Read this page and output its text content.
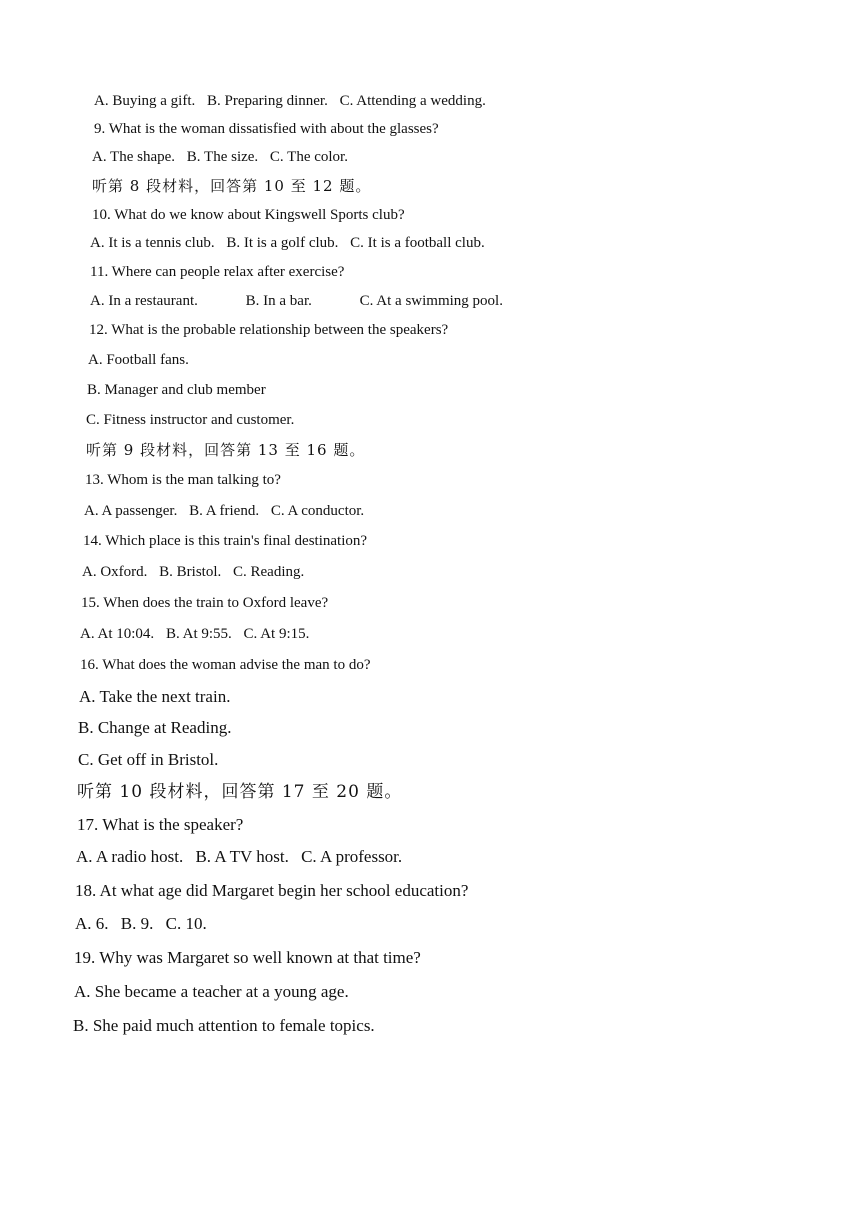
A. Buying a gift. B. Preparing dinner. C. Attending a wedding.
9. What is the woman dissatisfied with about the glasses?
A. The shape. B. The size. C. The color.
听第 8 段材料，回答第 10 至 12 题。
10. What do we know about Kingswell Sports club?
A. It is a tennis club. B. It is a golf club. C. It is a football club.
11. Where can people relax after exercise?
A. In a restaurant.	B. In a bar.	C. At a swimming pool.
12. What is the probable relationship between the speakers?
A. Football fans.
B. Manager and club member
C. Fitness instructor and customer.
听第 9 段材料，回答第 13 至 16 题。
13. Whom is the man talking to?
A. A passenger. B. A friend. C. A conductor.
14. Which place is this train's final destination?
A. Oxford. B. Bristol. C. Reading.
15. When does the train to Oxford leave?
A. At 10:04. B. At 9:55. C. At 9:15.
16. What does the woman advise the man to do?
A. Take the next train.
B. Change at Reading.
C. Get off in Bristol.
听第 10 段材料，回答第 17 至 20 题。
17. What is the speaker?
A. A radio host. B. A TV host. C. A professor.
18. At what age did Margaret begin her school education?
A. 6. B. 9. C. 10.
19. Why was Margaret so well known at that time?
A. She became a teacher at a young age.
B. She paid much attention to female topics.
